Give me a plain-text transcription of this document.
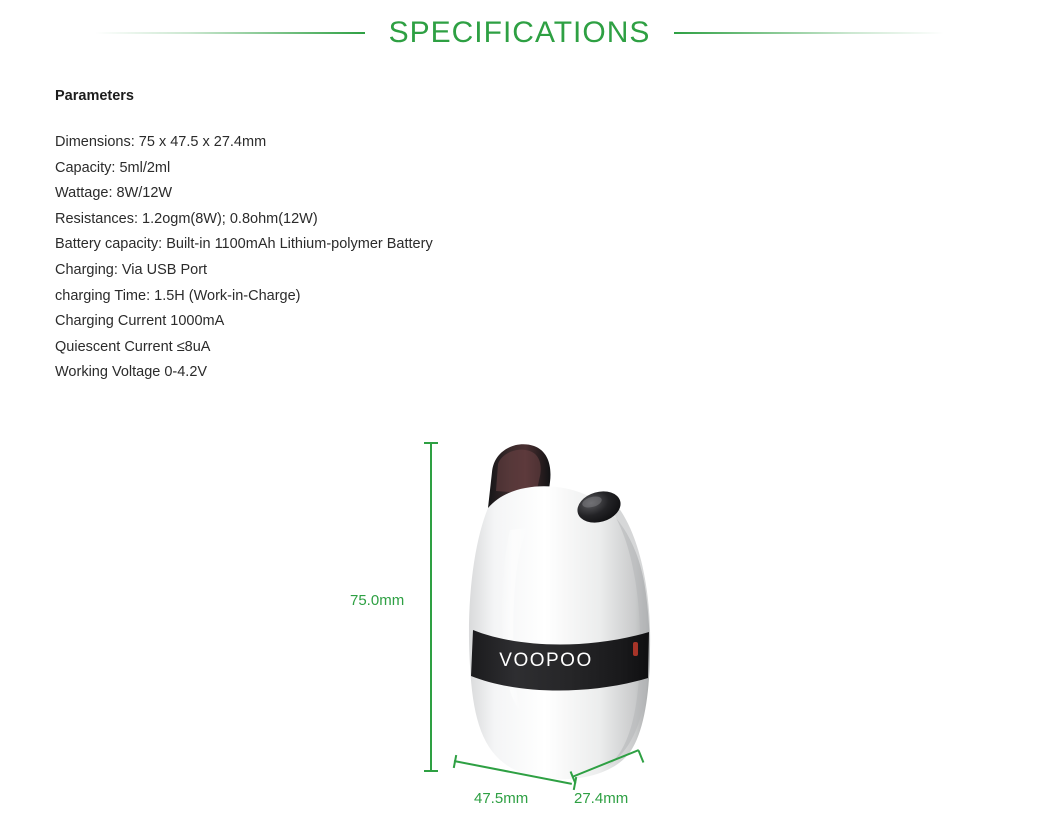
SPECIFICATIONS
Parameters
Dimensions: 75 x 47.5 x 27.4mm
Capacity: 5ml/2ml
Wattage: 8W/12W
Resistances: 1.2ogm(8W); 0.8ohm(12W)
Battery capacity: Built-in 1100mAh Lithium-polymer Battery
Charging: Via USB Port
charging Time: 1.5H (Work-in-Charge)
Charging Current 1000mA
Quiescent Current ≤8uA
Working Voltage 0-4.2V
VOOPOO
75.0mm
47.5mm	27.4mm
